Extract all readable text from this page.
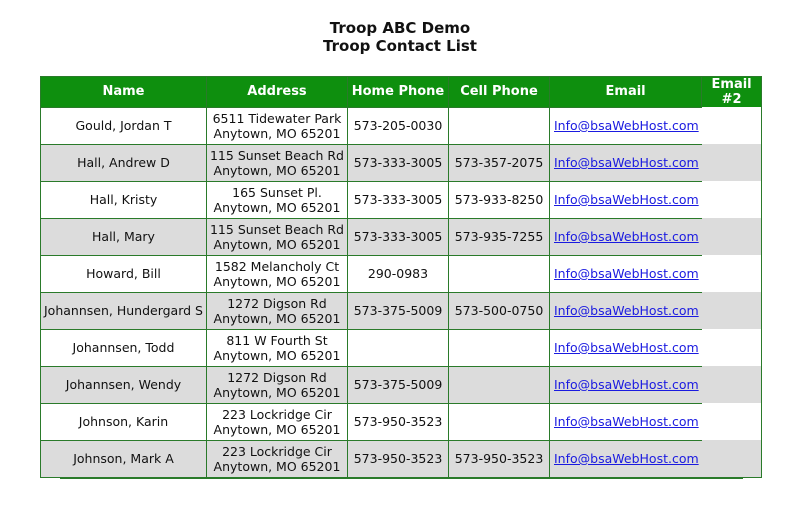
Troop ABC Demo
Troop Contact List
Name	Address	Home Phone	Cell Phone	Email	Email #2
Gould, Jordan T	6511 Tidewater Park
Anytown, MO 65201	573-205-0030		Info@bsaWebHost.com	
Hall, Andrew D	115 Sunset Beach Rd
Anytown, MO 65201	573-333-3005	573-357-2075	Info@bsaWebHost.com	
Hall, Kristy	165 Sunset Pl.
Anytown, MO 65201	573-333-3005	573-933-8250	Info@bsaWebHost.com	
Hall, Mary	115 Sunset Beach Rd
Anytown, MO 65201	573-333-3005	573-935-7255	Info@bsaWebHost.com	
Howard, Bill	1582 Melancholy Ct
Anytown, MO 65201	290-0983		Info@bsaWebHost.com	
Johannsen, Hundergard S	1272 Digson Rd
Anytown, MO 65201	573-375-5009	573-500-0750	Info@bsaWebHost.com	
Johannsen, Todd	811 W Fourth St
Anytown, MO 65201			Info@bsaWebHost.com	
Johannsen, Wendy	1272 Digson Rd
Anytown, MO 65201	573-375-5009		Info@bsaWebHost.com	
Johnson, Karin	223 Lockridge Cir
Anytown, MO 65201	573-950-3523		Info@bsaWebHost.com	
Johnson, Mark A	223 Lockridge Cir
Anytown, MO 65201	573-950-3523	573-950-3523	Info@bsaWebHost.com	
